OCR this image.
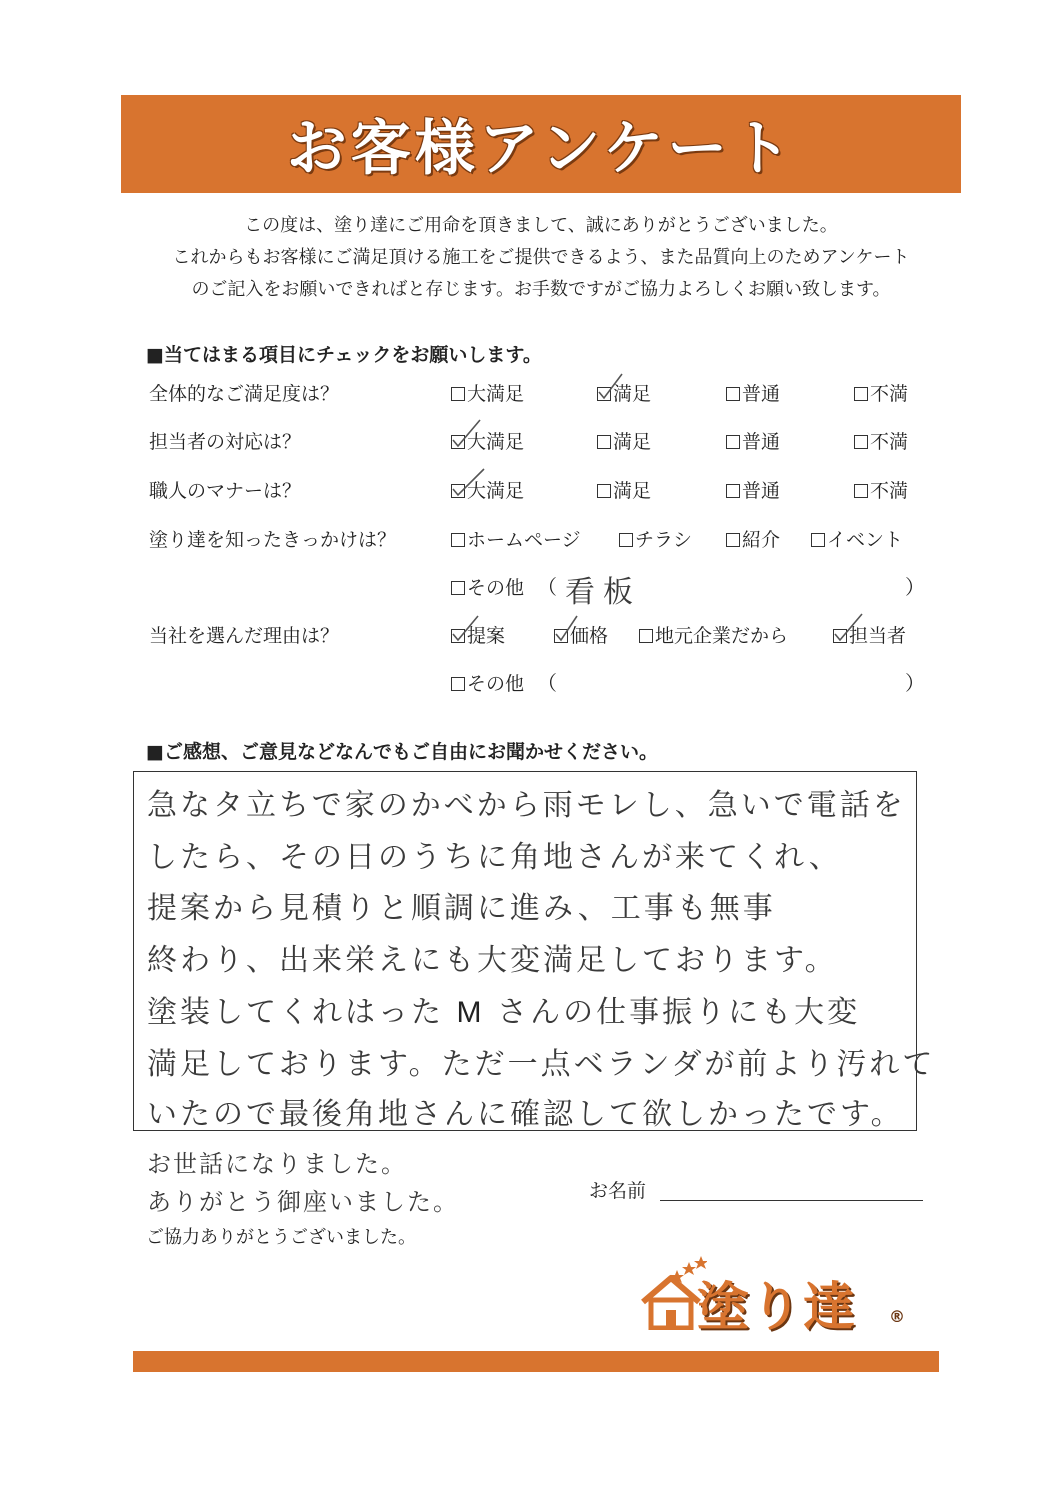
お客様アンケート
この度は、塗り達にご用命を頂きまして、誠にありがとうございました。
これからもお客様にご満足頂ける施工をご提供できるよう、また品質向上のためアンケート
のご記入をお願いできればと存じます。お手数ですがご協力よろしくお願い致します。
■当てはまる項目にチェックをお願いします。
全体的なご満足度は？	大満足	満足	普通	不満
担当者の対応は？	大満足	満足	普通	不満
職人のマナーは？	大満足	満足	普通	不満
塗り達を知ったきっかけは？	ホームページ	チラシ	紹介	イベント
その他 （ 看板	）
当社を選んだ理由は？	提案	価格	地元企業だから	担当者
その他 （	）
■ご感想、ご意見などなんでもご自由にお聞かせください。
急なタ立ちで家のかべから雨モレし、急いで電話を
したら、その日のうちに角地さんが来てくれ、
提案から見積りと順調に進み、工事も無事
終わり、出来栄えにも大変満足しております。
塗装してくれはった M さんの仕事振りにも大変
満足しております。ただ一点ベランダが前より汚れて
いたので最後角地さんに確認して欲しかったです。
お世話になりました。
ありがとう御座いました。
ご協力ありがとうございました。
お名前
塗り達 ®
